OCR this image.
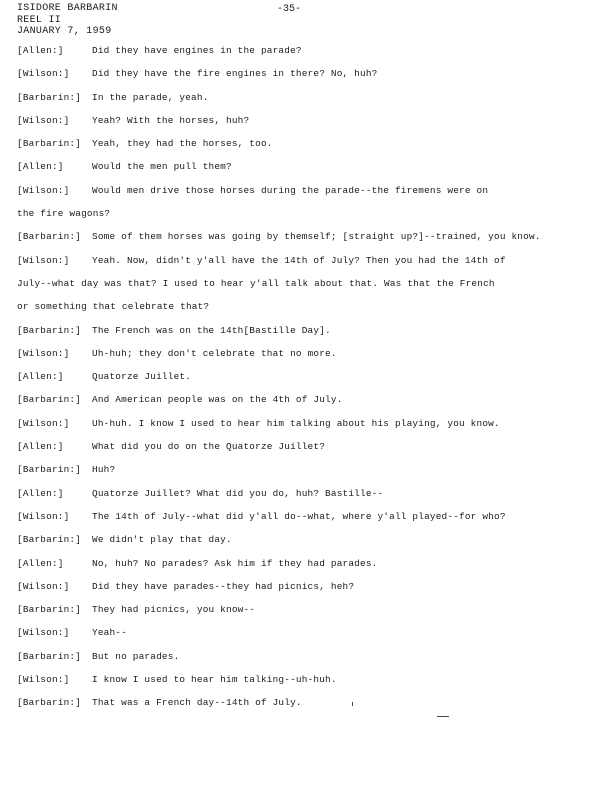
ISIDORE BARBARIN
REEL II
JANUARY 7, 1959
-35-
[Allen:]	Did they have engines in the parade?
[Wilson:] Did they have the fire engines in there? No, huh?
[Barbarin:] In the parade, yeah.
[Wilson:] Yeah? With the horses, huh?
[Barbarin:] Yeah, they had the horses, too.
[Allen:]	Would the men pull them?
[Wilson:] Would men drive those horses during the parade--the firemens were on
the fire wagons?
[Barbarin:] Some of them horses was going by themself; [straight up?]--trained, you know.
[Wilson:] Yeah. Now, didn't y'all have the 14th of July? Then you had the 14th of
July--what day was that? I used to hear y'all talk about that. Was that the French
or something that celebrate that?
[Barbarin:] The French was on the 14th[Bastille Day].
[Wilson:] Uh-huh; they don't celebrate that no more.
[Allen:]	Quatorze Juillet.
[Barbarin:] And American people was on the 4th of July.
[Wilson:] Uh-huh. I know I used to hear him talking about his playing, you know.
[Allen:]	What did you do on the Quatorze Juillet?
[Barbarin:] Huh?
[Allen:]	Quatorze Juillet? What did you do, huh? Bastille--
[Wilson:] The 14th of July--what did y'all do--what, where y'all played--for who?
[Barbarin:] We didn't play that day.
[Allen:]	No, huh? No parades? Ask him if they had parades.
[Wilson:] Did they have parades--they had picnics, heh?
[Barbarin:] They had picnics, you know--
[Wilson:] Yeah--
[Barbarin:] But no parades.
[Wilson:] I know I used to hear him talking--uh-huh.
[Barbarin:] That was a French day--14th of July.
